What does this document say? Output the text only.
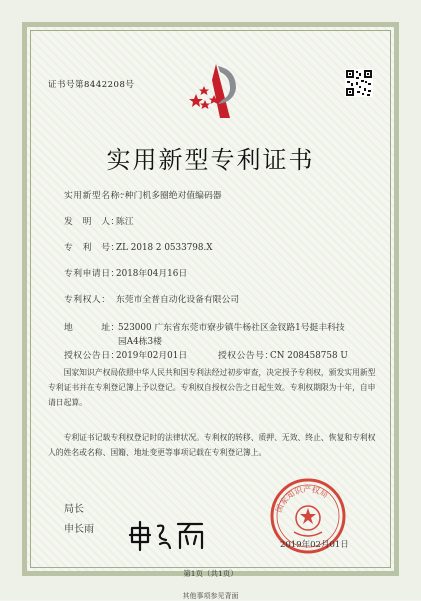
证书号第8442208号
实用新型专利证书
实用新型名称：一种门机多圈绝对值编码器
发　明　人：陈江
专　利　号：ZL 2018 2 0533798.X
专利申请日：2018年04月16日
专利权人： 东莞市全普自动化设备有限公司
地　　　址：
523000 广东省东莞市寮步镇牛杨社区金钗路1号挺丰科技
园A4栋3楼
授权公告日：2019年02月01日	授权公告号：CN 208458758 U
　　国家知识产权局依照中华人民共和国专利法经过初步审查，决定授予专利权，颁发实用新型专利证书并在专利登记簿上予以登记。专利权自授权公告之日起生效。专利权期限为十年，自申请日起算。
　　专利证书记载专利权登记时的法律状况。专利权的转移、质押、无效、终止、恢复和专利权人的姓名或名称、国籍、地址变更等事项记载在专利登记簿上。
局长
申长雨
国家知识产权局
2019年02月01日
第1页（共1页）
其他事项参见背面
